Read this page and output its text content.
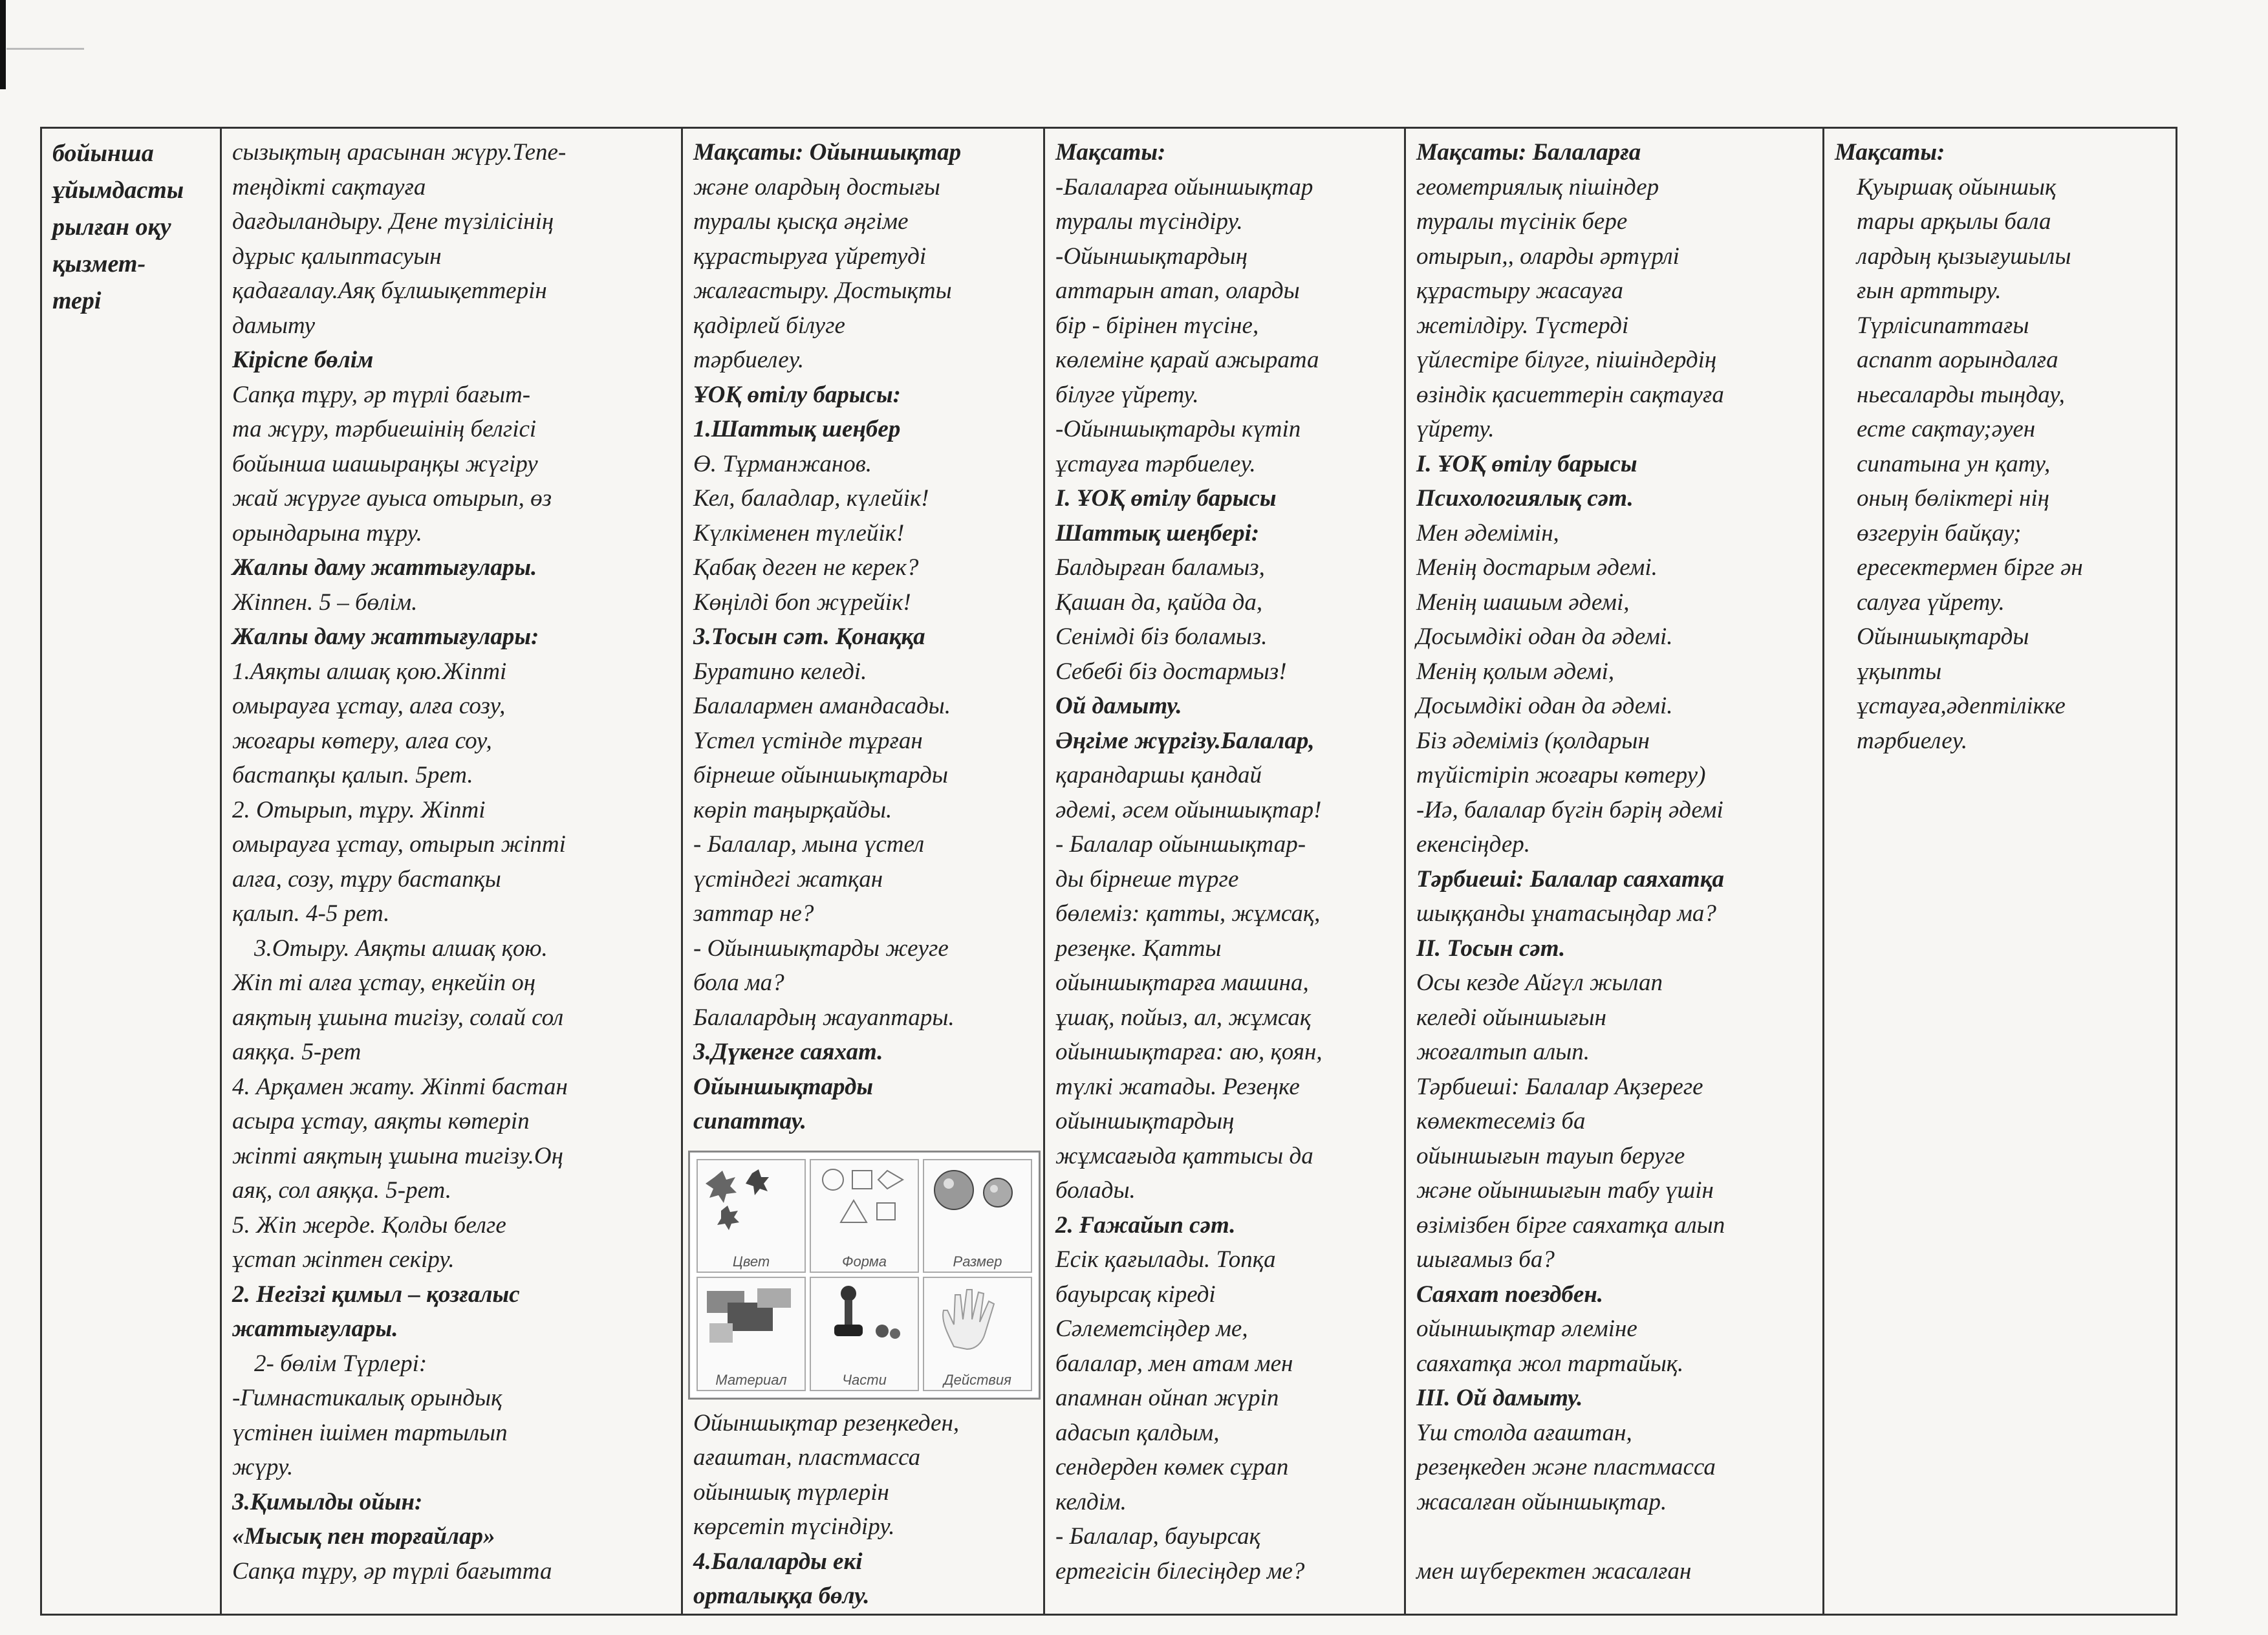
бойынша
ұйымдасты
рылған оқу
қызмет-
тері

сызықтың арасынан жүру.Тепе-
теңдікті сақтауға
дағдыландыру. Дене түзілісінің
дұрыс қалыптасуын
қадағалау.Аяқ бұлшықеттерін
дамыту
Кіріспе бөлім
Сапқа тұру, әр түрлі бағыт-
та жүру, тәрбиешінің белгісі
бойынша шашыраңқы жүгіру
жай жүруге ауыса отырып, өз
орындарына тұру.
Жалпы даму жаттығулары.
Жіппен. 5 – бөлім.
Жалпы даму жаттығулары:
1.Аяқты алшақ қою.Жіпті
омырауға ұстау, алға созу,
жоғары көтеру, алға соу,
бастапқы қалып. 5рет.
2. Отырып, тұру. Жіпті
омырауға ұстау, отырып жіпті
алға, созу, тұру бастапқы
қалып. 4-5 рет.
3.Отыру. Аяқты алшақ қою.
Жіп ті алға ұстау, еңкейіп оң
аяқтың ұшына тигізу, солай сол
аяққа. 5-рет
4. Арқамен жату. Жіпті бастан
асыра ұстау, аяқты көтеріп
жіпті аяқтың ұшына тигізу.Оң
аяқ, сол аяққа. 5-рет.
5. Жіп жерде. Қолды белге
ұстап жіптен секіру.
2. Негізгі қимыл – қозғалыс
жаттығулары.
2- бөлім Түрлері:
-Гимнастикалық орындық
үстінен ішімен тартылып
жүру.
3.Қимылды ойын:
«Мысық пен торғайлар»
Сапқа тұру, әр түрлі бағытта

Мақсаты: Ойыншықтар
және олардың достығы
туралы қысқа әңгіме
құрастыруға үйретуді
жалғастыру. Достықты
қадірлей білуге
тәрбиелеу.
ҰОҚ өтілу барысы:
1.Шаттық шеңбер
Ө. Тұрманжанов.
Кел, баладлар, күлейік!
Күлкіменен түлейік!
Қабақ деген не керек?
Көңілді боп жүрейік!
3.Тосын сәт. Қонаққа
Буратино келеді.
Балалармен амандасады.
Үстел үстінде тұрған
бірнеше ойыншықтарды
көріп таңырқайды.
- Балалар, мына үстел
үстіндегі жатқан
заттар не?
- Ойыншықтарды жеуге
бола ма?
Балалардың жауаптары.
3.Дүкенге саяхат.
Ойыншықтарды
сипаттау.
Цвет	Форма	Размер
Материал	Части	Действия
Ойыншықтар резеңкеден,
ағаштан, пластмасса
ойыншық түрлерін
көрсетіп түсіндіру.
4.Балаларды екі
орталыққа бөлу.

Мақсаты:
-Балаларға ойыншықтар
туралы түсіндіру.
-Ойыншықтардың
аттарын атап, оларды
бір - бірінен түсіне,
көлеміне қарай ажырата
білуге үйрету.
-Ойыншықтарды күтіп
ұстауға тәрбиелеу.
І. ҰОҚ өтілу барысы
Шаттық шеңбері:
Балдырған баламыз,
Қашан да, қайда да,
Сенімді біз боламыз.
Себебі біз достармыз!
Ой дамыту.
Әңгіме жүргізу.Балалар,
қарандаршы қандай
әдемі, әсем ойыншықтар!
- Балалар ойыншықтар-
ды бірнеше түрге
бөлеміз: қатты, жұмсақ,
резеңке. Қатты
ойыншықтарға машина,
ұшақ, пойыз, ал, жұмсақ
ойыншықтарға: аю, қоян,
түлкі жатады. Резеңке
ойыншықтардың
жұмсағыда қаттысы да
болады.
2. Ғажайып сәт.
Есік қағылады. Топқа
бауырсақ кіреді
Сәлеметсіңдер ме,
балалар, мен атам мен
апамнан ойнап жүріп
адасып қалдым,
сендерден көмек сұрап
келдім.
- Балалар, бауырсақ
ертегісін білесіңдер ме?

Мақсаты: Балаларға
геометриялық пішіндер
туралы түсінік бере
отырып,, оларды әртүрлі
құрастыру жасауға
жетілдіру. Түстерді
үйлестіре білуге, пішіндердің
өзіндік қасиеттерін сақтауға
үйрету.
І. ҰОҚ өтілу барысы
Психологиялық сәт.
Мен әдемімін,
Менің достарым әдемі.
Менің шашым әдемі,
Досымдікі одан да әдемі.
Менің қолым әдемі,
Досымдікі одан да әдемі.
Біз әдеміміз (қолдарын
түйістіріп жоғары көтеру)
-Иә, балалар бүгін бәрің әдемі
екенсіңдер.
Тәрбиеші: Балалар саяхатқа
шыққанды ұнатасыңдар ма?
ІІ. Тосын сәт.
Осы кезде Айгүл жылап
келеді ойыншығын
жоғалтып алып.
Тәрбиеші: Балалар Ақзереге
көмектесеміз ба
ойыншығын тауып беруге
және ойыншығын табу үшін
өзімізбен бірге саяхатқа алып
шығамыз ба?
Саяхат поездбен.
ойыншықтар әлеміне
саяхатқа жол тартайық.
ІІІ. Ой дамыту.
Үш столда ағаштан,
резеңкеден және пластмасса
жасалған ойыншықтар.

мен шүберектен жасалған

Мақсаты:
Қуыршақ ойыншық
тары арқылы бала
лардың қызығушылы
ғын арттыру.
Түрлісипаттағы
аспапт аорындалға
ньесаларды тыңдау,
есте сақтау;әуен
сипатына ун қату,
оның бөліктері нің
өзгеруін байқау;
ересектермен бірге ән
салуға үйрету.
Ойыншықтарды
ұқыпты
ұстауға,әдептілікке
тәрбиелеу.
